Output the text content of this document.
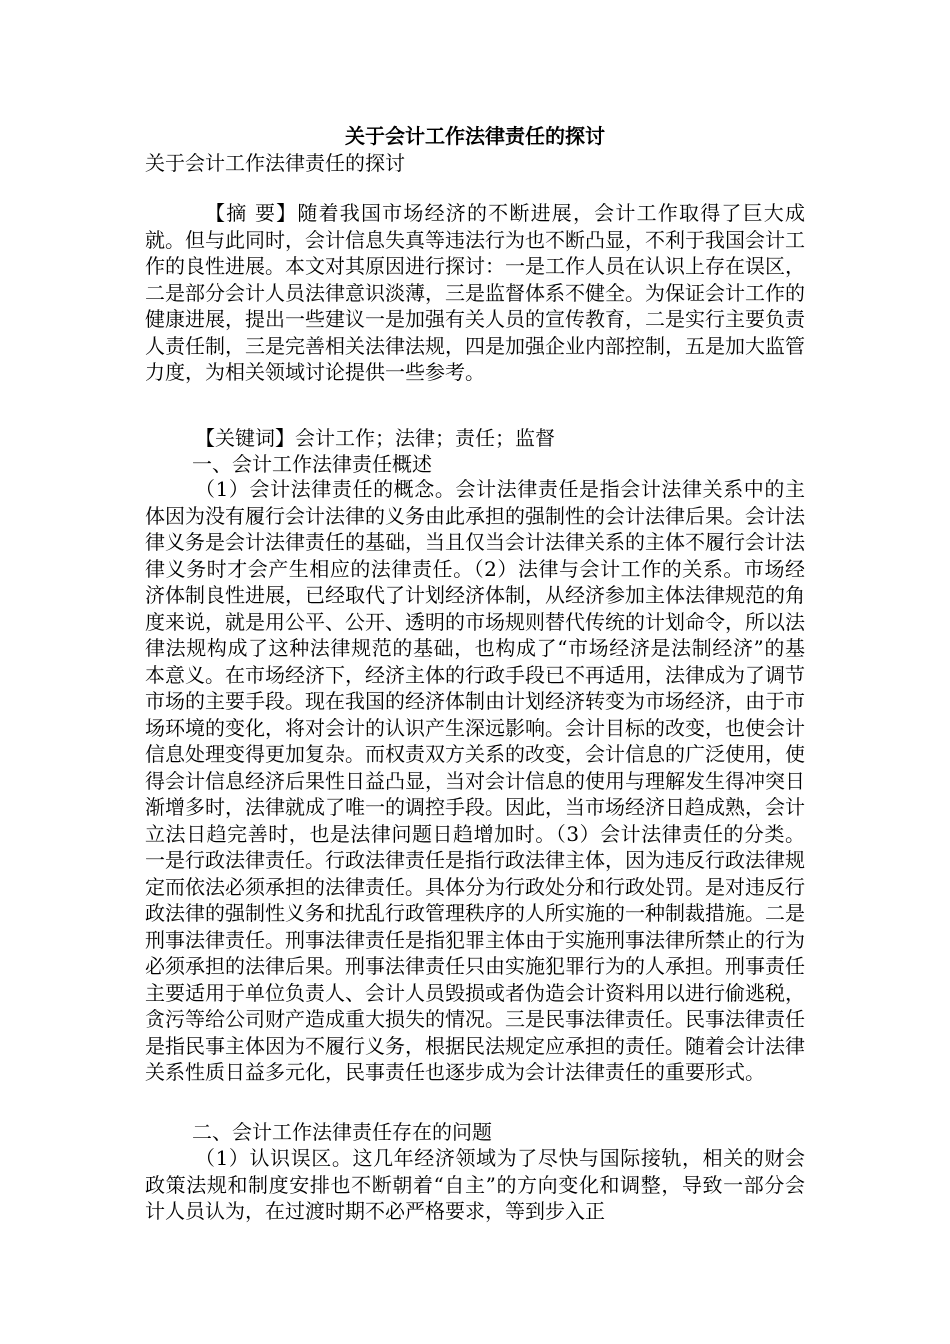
关于会计工作法律责任的探讨

关于会计工作法律责任的探讨

【摘 要】随着我国市场经济的不断进展，会计工作取得了巨大成就。但与此同时，会计信息失真等违法行为也不断凸显，不利于我国会计工作的良性进展。本文对其原因进行探讨：一是工作人员在认识上存在误区，二是部分会计人员法律意识淡薄，三是监督体系不健全。为保证会计工作的健康进展，提出一些建议一是加强有关人员的宣传教育，二是实行主要负责人责任制，三是完善相关法律法规，四是加强企业内部控制，五是加大监管力度，为相关领域讨论提供一些参考。

【关键词】会计工作；法律；责任；监督

一、会计工作法律责任概述

（1）会计法律责任的概念。会计法律责任是指会计法律关系中的主体因为没有履行会计法律的义务由此承担的强制性的会计法律后果。会计法律义务是会计法律责任的基础，当且仅当会计法律关系的主体不履行会计法律义务时才会产生相应的法律责任。（2）法律与会计工作的关系。市场经济体制良性进展，已经取代了计划经济体制，从经济参加主体法律规范的角度来说，就是用公平、公开、透明的市场规则替代传统的计划命令，所以法律法规构成了这种法律规范的基础，也构成了“市场经济是法制经济”的基本意义。在市场经济下，经济主体的行政手段已不再适用，法律成为了调节市场的主要手段。现在我国的经济体制由计划经济转变为市场经济，由于市场环境的变化，将对会计的认识产生深远影响。会计目标的改变，也使会计信息处理变得更加复杂。而权责双方关系的改变，会计信息的广泛使用，使得会计信息经济后果性日益凸显，当对会计信息的使用与理解发生得冲突日渐增多时，法律就成了唯一的调控手段。因此，当市场经济日趋成熟，会计立法日趋完善时，也是法律问题日趋增加时。（3）会计法律责任的分类。一是行政法律责任。行政法律责任是指行政法律主体，因为违反行政法律规定而依法必须承担的法律责任。具体分为行政处分和行政处罚。是对违反行政法律的强制性义务和扰乱行政管理秩序的人所实施的一种制裁措施。二是刑事法律责任。刑事法律责任是指犯罪主体由于实施刑事法律所禁止的行为必须承担的法律后果。刑事法律责任只由实施犯罪行为的人承担。刑事责任主要适用于单位负责人、会计人员毁损或者伪造会计资料用以进行偷逃税，贪污等给公司财产造成重大损失的情况。三是民事法律责任。民事法律责任是指民事主体因为不履行义务，根据民法规定应承担的责任。随着会计法律关系性质日益多元化，民事责任也逐步成为会计法律责任的重要形式。

二、会计工作法律责任存在的问题

（1）认识误区。这几年经济领域为了尽快与国际接轨，相关的财会政策法规和制度安排也不断朝着“自主”的方向变化和调整，导致一部分会计人员认为，在过渡时期不必严格要求，等到步入正
